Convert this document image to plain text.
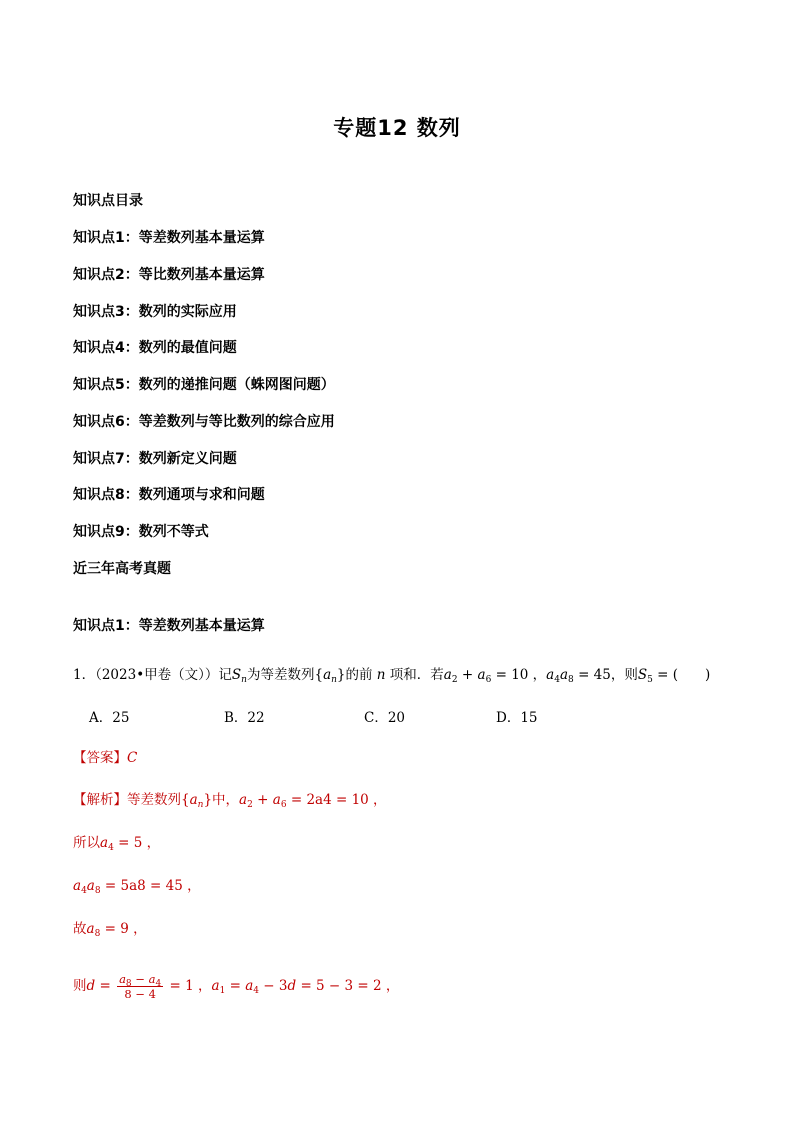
专题12 数列
知识点目录
知识点1：等差数列基本量运算
知识点2：等比数列基本量运算
知识点3：数列的实际应用
知识点4：数列的最值问题
知识点5：数列的递推问题（蛛网图问题）
知识点6：等差数列与等比数列的综合应用
知识点7：数列新定义问题
知识点8：数列通项与求和问题
知识点9：数列不等式
近三年高考真题
知识点1：等差数列基本量运算
1．（2023•甲卷（文））记$S_n$为等差数列$\{a_n\}$的前 n 项和．若$a_2 + a_6 = 10$ ，$a_4a_8 = 45$，则$S_5$ = (　　)
A．25	B．22	C．20	D．15
【答案】C
【解析】等差数列$\{a_n\}$中，$a_2 + a_6 = 2a4 = 10$ ，
所以$a_4 = 5$ ，
$a_4a_8 = 5a8 = 45$ ，
故$a_8 = 9$ ，
则$d = \frac{a_8 - a_4}{8 - 4} = 1$ ，$a_1 = a_4 - 3d = 5 - 3 = 2$ ，
